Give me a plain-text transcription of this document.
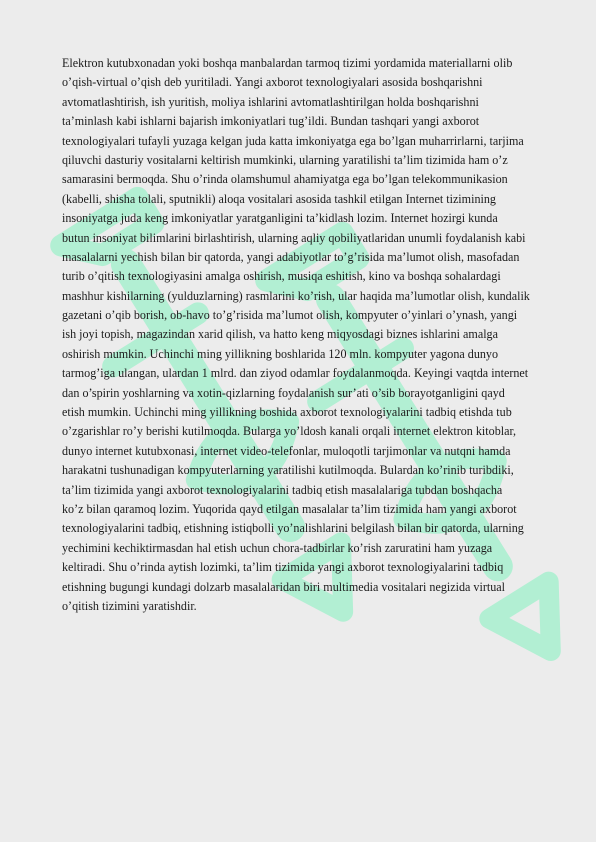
Elektron kutubxonadan yoki boshqa manbalardan tarmoq tizimi yordamida materiallarni olib
o’qish-virtual o’qish deb yuritiladi. Yangi axborot texnologiyalari asosida boshqarishni
avtomatlashtirish, ish yuritish, moliya ishlarini avtomatlashtirilgan holda boshqarishni
ta’minlash kabi ishlarni bajarish imkoniyatlari tug’ildi. Bundan tashqari yangi axborot
texnologiyalari tufayli yuzaga kelgan juda katta imkoniyatga ega bo’lgan muharrirlarni, tarjima
qiluvchi dasturiy vositalarni keltirish mumkinki, ularning yaratilishi ta’lim tizimida ham o’z
samarasini bermoqda. Shu o’rinda olamshumul ahamiyatga ega bo’lgan telekommunikasion
(kabelli, shisha tolali, sputnikli) aloqa vositalari asosida tashkil etilgan Internet tizimining
insoniyatga juda keng imkoniyatlar yaratganligini ta’kidlash lozim. Internet hozirgi kunda
butun insoniyat bilimlarini birlashtirish, ularning aqliy qobiliyatlaridan unumli foydalanish kabi
masalalarni yechish bilan bir qatorda, yangi adabiyotlar to’g’risida ma’lumot olish, masofadan
turib o’qitish texnologiyasini amalga oshirish, musiqa eshitish, kino va boshqa sohalardagi
mashhur kishilarning (yulduzlarning) rasmlarini ko’rish, ular haqida ma’lumotlar olish, kundalik
gazetani o’qib borish, ob-havo to’g’risida ma’lumot olish, kompyuter o’yinlari o’ynash, yangi
ish joyi topish, magazindan xarid qilish, va hatto keng miqyosdagi biznes ishlarini amalga
oshirish mumkin. Uchinchi ming yillikning boshlarida 120 mln. kompyuter yagona dunyo
tarmog’iga ulangan, ulardan 1 mlrd. dan ziyod odamlar foydalanmoqda. Keyingi vaqtda internet
dan o’spirin yoshlarning va xotin-qizlarning foydalanish sur’ati o’sib borayotganligini qayd
etish mumkin. Uchinchi ming yillikning boshida axborot texnologiyalarini tadbiq etishda tub
o’zgarishlar ro’y berishi kutilmoqda. Bularga yo’ldosh kanali orqali internet elektron kitoblar,
dunyo internet kutubxonasi, internet video-telefonlar, muloqotli tarjimonlar va nutqni hamda
harakatni tushunadigan kompyuterlarning yaratilishi kutilmoqda. Bulardan ko’rinib turibdiki,
ta’lim tizimida yangi axborot texnologiyalarini tadbiq etish masalalariga tubdan boshqacha
ko’z bilan qaramoq lozim. Yuqorida qayd etilgan masalalar ta’lim tizimida ham yangi axborot
texnologiyalarini tadbiq, etishning istiqbolli yo’nalishlarini belgilash bilan bir qatorda, ularning
yechimini kechiktirmasdan hal etish uchun chora-tadbirlar ko’rish zaruratini ham yuzaga
keltiradi. Shu o’rinda aytish lozimki, ta’lim tizimida yangi axborot texnologiyalarini tadbiq
etishning bugungi kundagi dolzarb masalalaridan biri multimedia vositalari negizida virtual
o’qitish tizimini yaratishdir.
